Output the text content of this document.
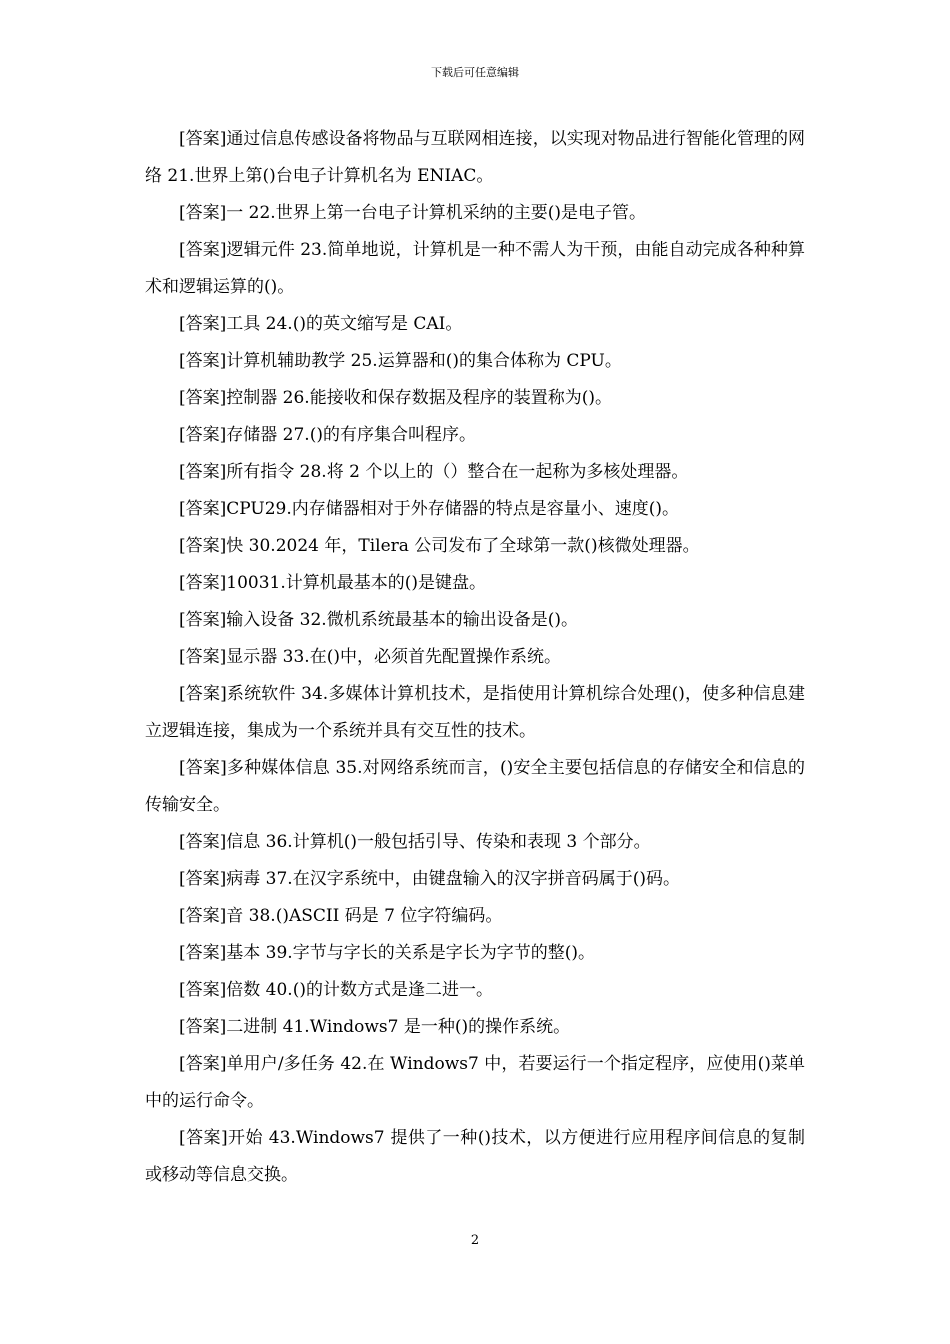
下载后可任意编辑

[答案]通过信息传感设备将物品与互联网相连接，以实现对物品进行智能化管理的网络 21.世界上第()台电子计算机名为 ENIAC。

[答案]一 22.世界上第一台电子计算机采纳的主要()是电子管。

[答案]逻辑元件 23.简单地说，计算机是一种不需人为干预，由能自动完成各种种算术和逻辑运算的()。

[答案]工具 24.()的英文缩写是 CAI。

[答案]计算机辅助教学 25.运算器和()的集合体称为 CPU。

[答案]控制器 26.能接收和保存数据及程序的装置称为()。

[答案]存储器 27.()的有序集合叫程序。

[答案]所有指令 28.将 2 个以上的（）整合在一起称为多核处理器。

[答案]CPU29.内存储器相对于外存储器的特点是容量小、速度()。

[答案]快 30.2024 年，Tilera 公司发布了全球第一款()核微处理器。

[答案]10031.计算机最基本的()是键盘。

[答案]输入设备 32.微机系统最基本的输出设备是()。

[答案]显示器 33.在()中，必须首先配置操作系统。

[答案]系统软件 34.多媒体计算机技术，是指使用计算机综合处理()，使多种信息建立逻辑连接，集成为一个系统并具有交互性的技术。

[答案]多种媒体信息 35.对网络系统而言，()安全主要包括信息的存储安全和信息的传输安全。

[答案]信息 36.计算机()一般包括引导、传染和表现 3 个部分。

[答案]病毒 37.在汉字系统中，由键盘输入的汉字拼音码属于()码。

[答案]音 38.()ASCII 码是 7 位字符编码。

[答案]基本 39.字节与字长的关系是字长为字节的整()。

[答案]倍数 40.()的计数方式是逢二进一。

[答案]二进制 41.Windows7 是一种()的操作系统。

[答案]单用户/多任务 42.在 Windows7 中，若要运行一个指定程序，应使用()菜单中的运行命令。

[答案]开始 43.Windows7 提供了一种()技术，以方便进行应用程序间信息的复制或移动等信息交换。

2
